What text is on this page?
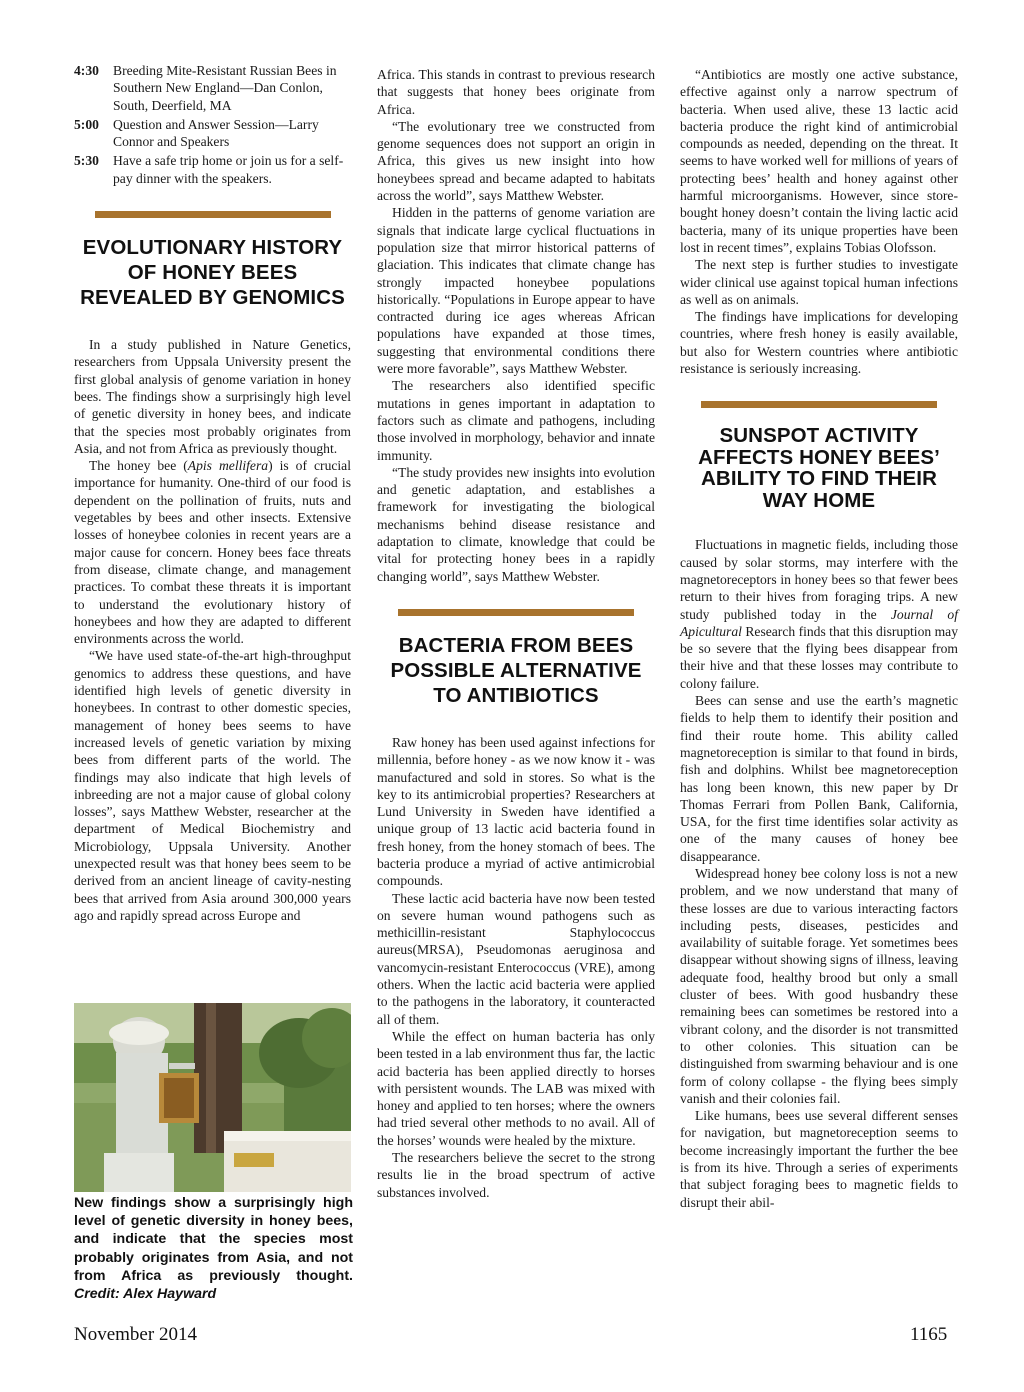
4:30	Breeding Mite-Resistant Russian Bees in Southern New England—Dan Conlon, South, Deerfield, MA
5:00	Question and Answer Session—Larry Connor and Speakers
5:30	Have a safe trip home or join us for a self-pay dinner with the speakers.
EVOLUTIONARY HISTORY OF HONEY BEES REVEALED BY GENOMICS

In a study published in Nature Genetics, researchers from Uppsala University present the first global analysis of genome variation in honey bees. The findings show a surprisingly high level of genetic diversity in honey bees, and indicate that the species most probably originates from Asia, and not from Africa as previously thought.

The honey bee (Apis mellifera) is of crucial importance for humanity. One-third of our food is dependent on the pollination of fruits, nuts and vegetables by bees and other insects. Extensive losses of honeybee colonies in recent years are a major cause for concern. Honey bees face threats from disease, climate change, and management practices. To combat these threats it is important to understand the evolutionary history of honeybees and how they are adapted to different environments across the world.

“We have used state-of-the-art high-throughput genomics to address these questions, and have identified high levels of genetic diversity in honeybees. In contrast to other domestic species, management of honey bees seems to have increased levels of genetic variation by mixing bees from different parts of the world. The findings may also indicate that high levels of inbreeding are not a major cause of global colony losses”, says Matthew Webster, researcher at the department of Medical Biochemistry and Microbiology, Uppsala University. Another unexpected result was that honey bees seem to be derived from an ancient lineage of cavity-nesting bees that arrived from Asia around 300,000 years ago and rapidly spread across Europe and

New findings show a surprisingly high level of genetic diversity in honey bees, and indicate that the species most probably originates from Asia, and not from Africa as previously thought. Credit: Alex Hayward

Africa. This stands in contrast to previous research that suggests that honey bees originate from Africa.

“The evolutionary tree we constructed from genome sequences does not support an origin in Africa, this gives us new insight into how honeybees spread and became adapted to habitats across the world”, says Matthew Webster.

Hidden in the patterns of genome variation are signals that indicate large cyclical fluctuations in population size that mirror historical patterns of glaciation. This indicates that climate change has strongly impacted honeybee populations historically. “Populations in Europe appear to have contracted during ice ages whereas African populations have expanded at those times, suggesting that environmental conditions there were more favorable”, says Matthew Webster.

The researchers also identified specific mutations in genes important in adaptation to factors such as climate and pathogens, including those involved in morphology, behavior and innate immunity.

“The study provides new insights into evolution and genetic adaptation, and establishes a framework for investigating the biological mechanisms behind disease resistance and adaptation to climate, knowledge that could be vital for protecting honey bees in a rapidly changing world”, says Matthew Webster.

BACTERIA FROM BEES POSSIBLE ALTERNATIVE TO ANTIBIOTICS

Raw honey has been used against infections for millennia, before honey - as we now know it - was manufactured and sold in stores. So what is the key to its antimicrobial properties? Researchers at Lund University in Sweden have identified a unique group of 13 lactic acid bacteria found in fresh honey, from the honey stomach of bees. The bacteria produce a myriad of active antimicrobial compounds.

These lactic acid bacteria have now been tested on severe human wound pathogens such as methicillin-resistant Staphylococcus aureus(MRSA), Pseudomonas aeruginosa and vancomycin-resistant Enterococcus (VRE), among others. When the lactic acid bacteria were applied to the pathogens in the laboratory, it counteracted all of them.

While the effect on human bacteria has only been tested in a lab environment thus far, the lactic acid bacteria has been applied directly to horses with persistent wounds. The LAB was mixed with honey and applied to ten horses; where the owners had tried several other methods to no avail. All of the horses’ wounds were healed by the mixture.

The researchers believe the secret to the strong results lie in the broad spectrum of active substances involved.

“Antibiotics are mostly one active substance, effective against only a narrow spectrum of bacteria. When used alive, these 13 lactic acid bacteria produce the right kind of antimicrobial compounds as needed, depending on the threat. It seems to have worked well for millions of years of protecting bees’ health and honey against other harmful microorganisms. However, since store-bought honey doesn’t contain the living lactic acid bacteria, many of its unique properties have been lost in recent times”, explains Tobias Olofsson.

The next step is further studies to investigate wider clinical use against topical human infections as well as on animals.

The findings have implications for developing countries, where fresh honey is easily available, but also for Western countries where antibiotic resistance is seriously increasing.

SUNSPOT ACTIVITY AFFECTS HONEY BEES’ ABILITY TO FIND THEIR WAY HOME

Fluctuations in magnetic fields, including those caused by solar storms, may interfere with the magnetoreceptors in honey bees so that fewer bees return to their hives from foraging trips. A new study published today in the Journal of Apicultural Research finds that this disruption may be so severe that the flying bees disappear from their hive and that these losses may contribute to colony failure.

Bees can sense and use the earth’s magnetic fields to help them to identify their position and find their route home. This ability called magnetoreception is similar to that found in birds, fish and dolphins. Whilst bee magnetoreception has long been known, this new paper by Dr Thomas Ferrari from Pollen Bank, California, USA, for the first time identifies solar activity as one of the many causes of honey bee disappearance.

Widespread honey bee colony loss is not a new problem, and we now understand that many of these losses are due to various interacting factors including pests, diseases, pesticides and availability of suitable forage. Yet sometimes bees disappear without showing signs of illness, leaving adequate food, healthy brood but only a small cluster of bees. With good husbandry these remaining bees can sometimes be restored into a vibrant colony, and the disorder is not transmitted to other colonies. This situation can be distinguished from swarming behaviour and is one form of colony collapse - the flying bees simply vanish and their colonies fail.

Like humans, bees use several different senses for navigation, but magnetoreception seems to become increasingly important the further the bee is from its hive. Through a series of experiments that subject foraging bees to magnetic fields to disrupt their abil-

November 2014	1165
